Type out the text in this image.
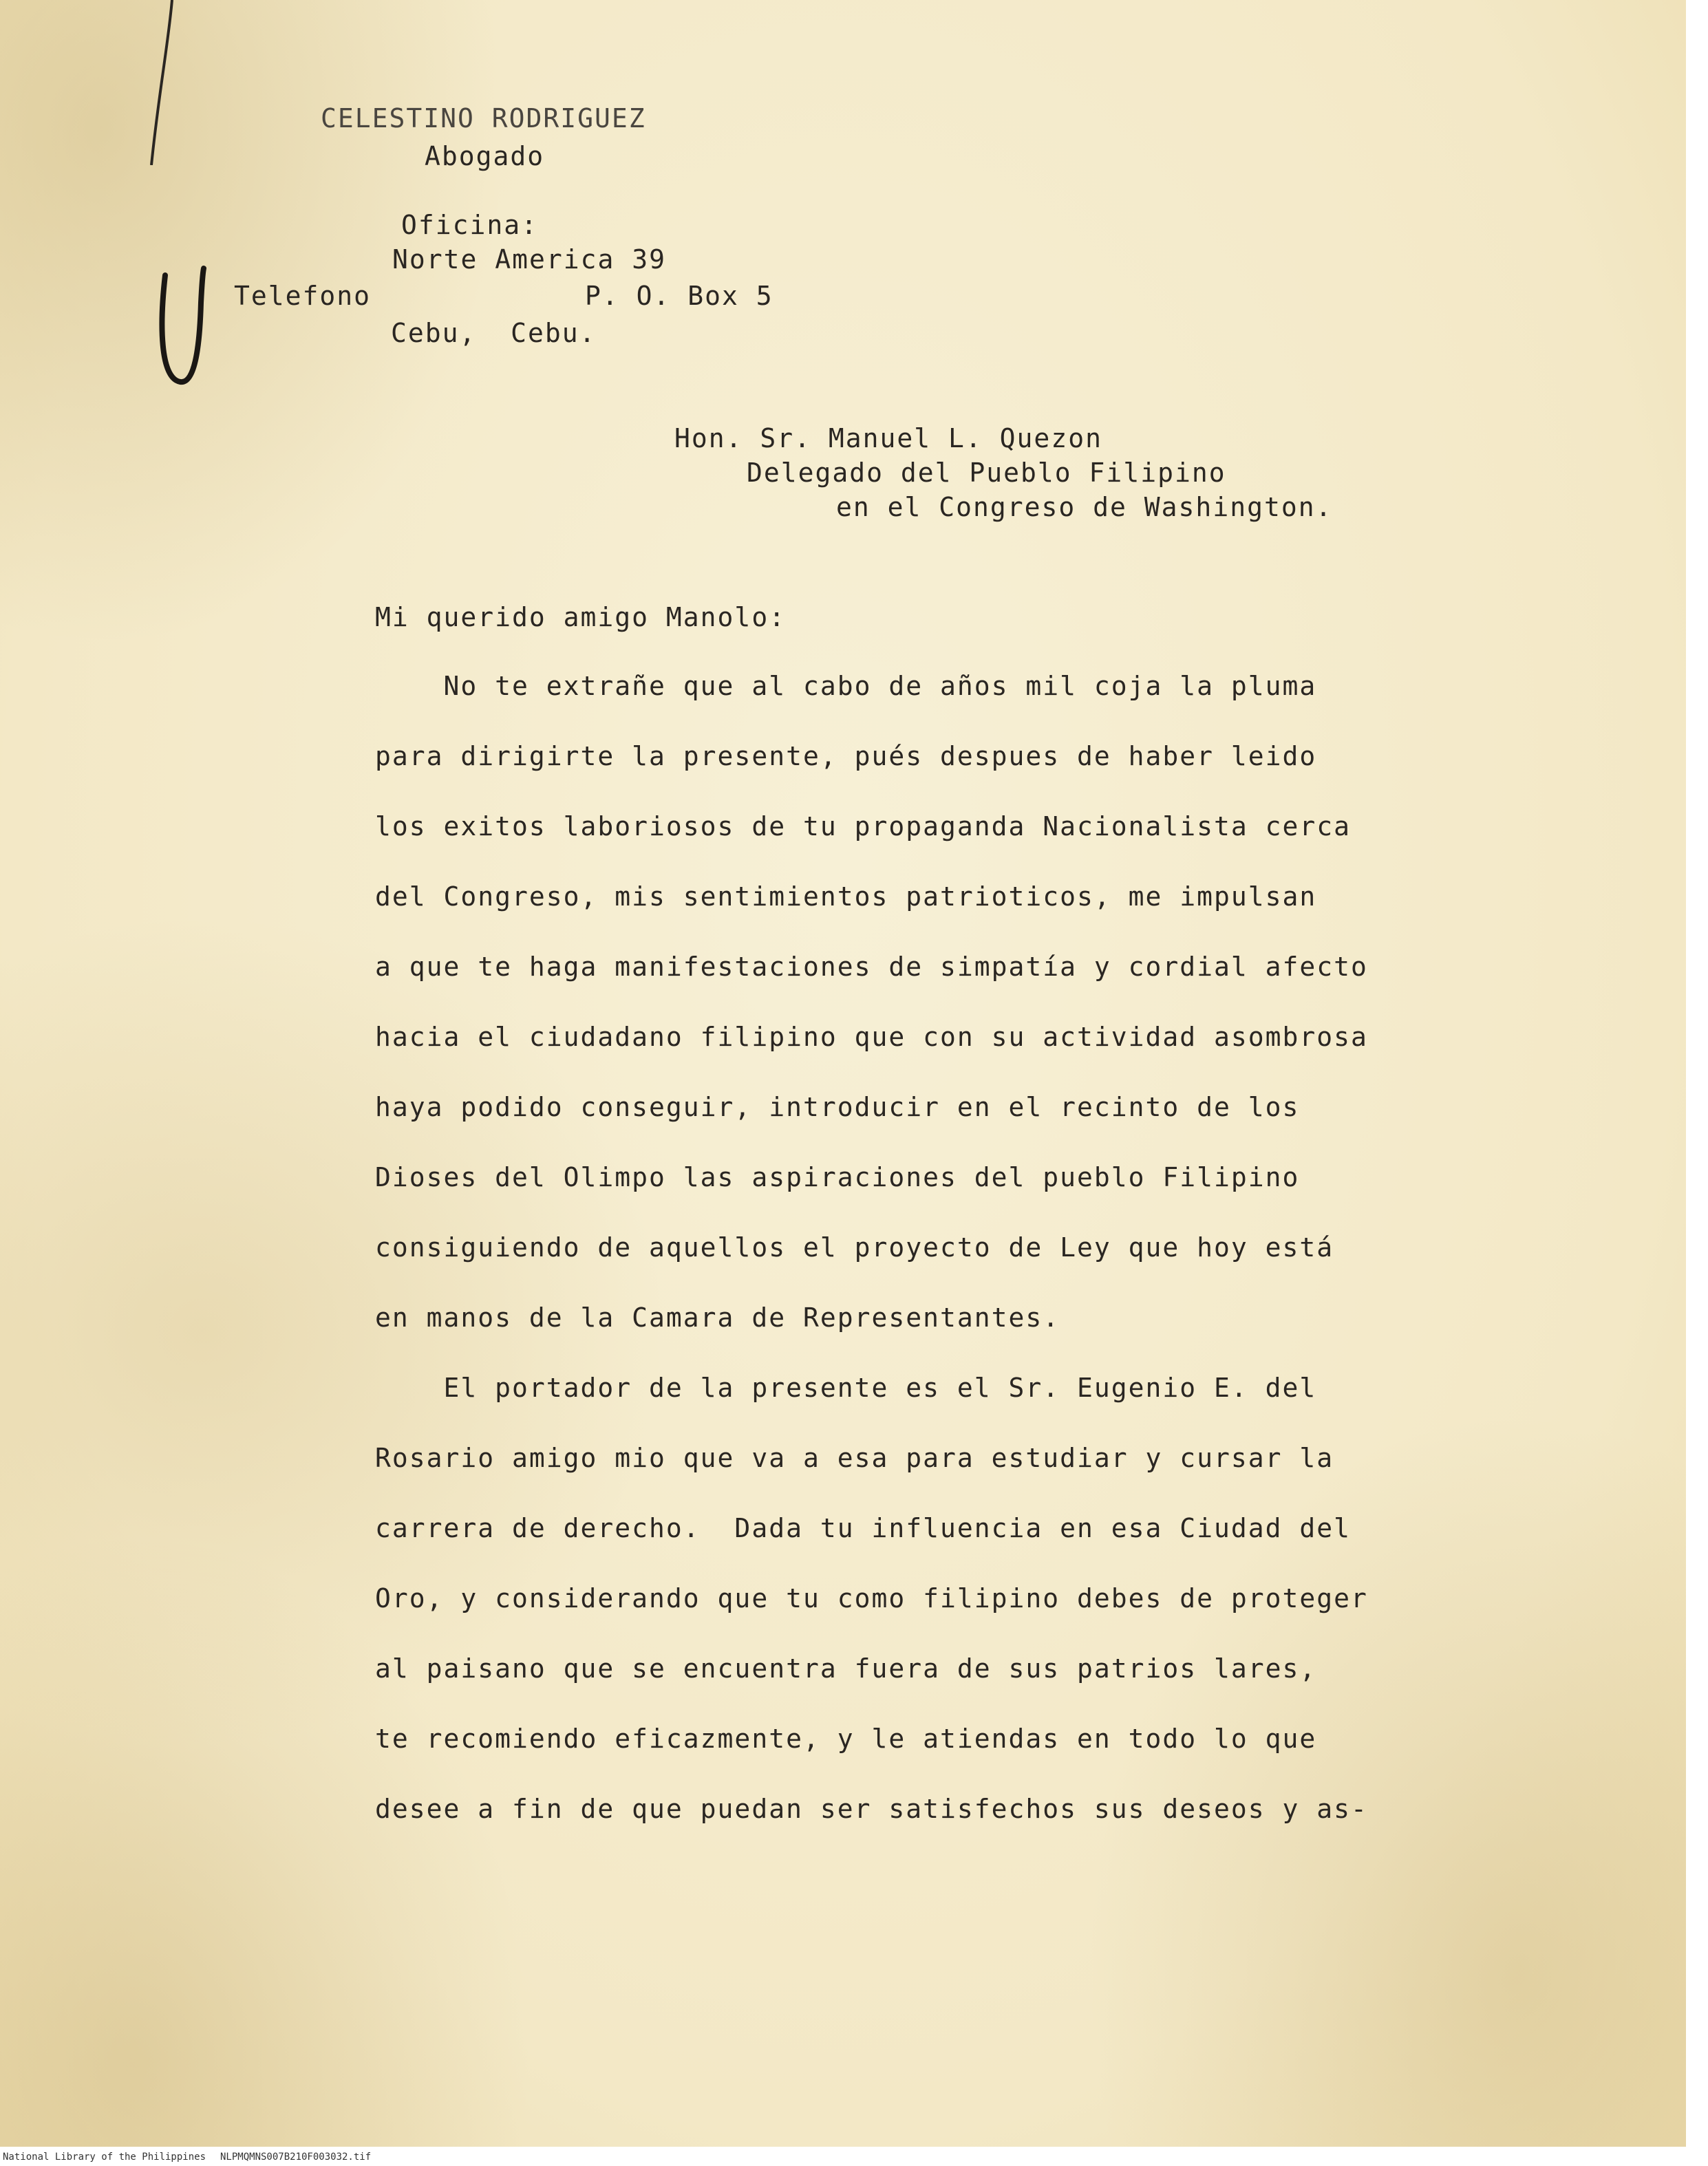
CELESTINO RODRIGUEZ
Abogado
Oficina:
Norte America 39
Telefono	P. O. Box 5
Cebu,  Cebu.
Hon. Sr. Manuel L. Quezon
Delegado del Pueblo Filipino
en el Congreso de Washington.
Mi querido amigo Manolo:
No te extrañe que al cabo de años mil coja la pluma
para dirigirte la presente, pués despues de haber leido
los exitos laboriosos de tu propaganda Nacionalista cerca
del Congreso, mis sentimientos patrioticos, me impulsan
a que te haga manifestaciones de simpatía y cordial afecto
hacia el ciudadano filipino que con su actividad asombrosa
haya podido conseguir, introducir en el recinto de los
Dioses del Olimpo las aspiraciones del pueblo Filipino
consiguiendo de aquellos el proyecto de Ley que hoy está
en manos de la Camara de Representantes.
El portador de la presente es el Sr. Eugenio E. del
Rosario amigo mio que va a esa para estudiar y cursar la
carrera de derecho.  Dada tu influencia en esa Ciudad del
Oro, y considerando que tu como filipino debes de proteger
al paisano que se encuentra fuera de sus patrios lares,
te recomiendo eficazmente, y le atiendas en todo lo que
desee a fin de que puedan ser satisfechos sus deseos y as-
National Library of the Philippines NLPMQMNS007B210F003032.tif
